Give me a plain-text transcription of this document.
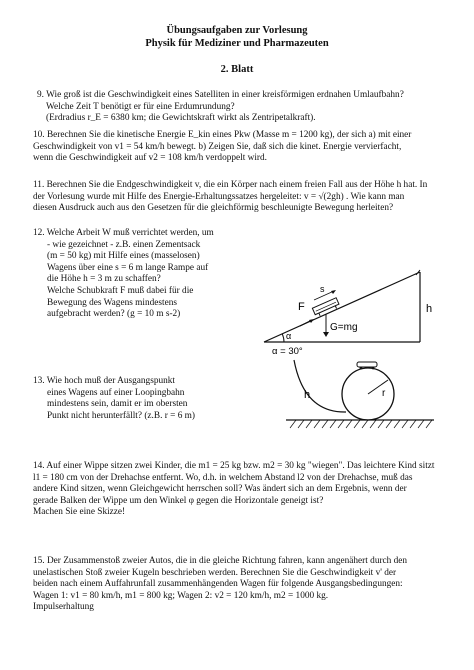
Übungsaufgaben zur Vorlesung
Physik für Mediziner und Pharmazeuten
2. Blatt
9. Wie groß ist die Geschwindigkeit eines Satelliten in einer kreisförmigen erdnahen Umlaufbahn?
Welche Zeit T benötigt er für eine Erdumrundung?
(Erdradius r_E = 6380 km; die Gewichtskraft wirkt als Zentripetalkraft).
10. Berechnen Sie die kinetische Energie E_kin eines Pkw (Masse m = 1200 kg), der sich a) mit einer
Geschwindigkeit von v1 = 54 km/h bewegt. b) Zeigen Sie, daß sich die kinet. Energie vervierfacht,
wenn die Geschwindigkeit auf v2 = 108 km/h verdoppelt wird.
11. Berechnen Sie die Endgeschwindigkeit v, die ein Körper nach einem freien Fall aus der Höhe h hat. In
der Vorlesung wurde mit Hilfe des Energie-Erhaltungssatzes hergeleitet: v = √(2gh) . Wie kann man
diesen Ausdruck auch aus den Gesetzen für die gleichförmig beschleunigte Bewegung herleiten?
12. Welche Arbeit W muß verrichtet werden, um
- wie gezeichnet - z.B. einen Zementsack
(m = 50 kg) mit Hilfe eines (masselosen)
Wagens über eine s = 6 m lange Rampe auf
die Höhe h = 3 m zu schaffen?
Welche Schubkraft F muß dabei für die
Bewegung des Wagens mindestens
aufgebracht werden? (g = 10 m s-2)
F
s
G=mg
h
α
α = 30°
13. Wie hoch muß der Ausgangspunkt
eines Wagens auf einer Loopingbahn
mindestens sein, damit er im obersten
Punkt nicht herunterfällt? (z.B. r = 6 m)
h	r
14. Auf einer Wippe sitzen zwei Kinder, die m1 = 25 kg bzw. m2 = 30 kg "wiegen". Das leichtere Kind sitzt
l1 = 180 cm von der Drehachse entfernt. Wo, d.h. in welchem Abstand l2 von der Drehachse, muß das
andere Kind sitzen, wenn Gleichgewicht herrschen soll? Was ändert sich an dem Ergebnis, wenn der
gerade Balken der Wippe um den Winkel φ gegen die Horizontale geneigt ist?
Machen Sie eine Skizze!
15. Der Zusammenstoß zweier Autos, die in die gleiche Richtung fahren, kann angenähert durch den
unelastischen Stoß zweier Kugeln beschrieben werden. Berechnen Sie die Geschwindigkeit v' der
beiden nach einem Auffahrunfall zusammenhängenden Wagen für folgende Ausgangsbedingungen:
Wagen 1: v1 = 80 km/h, m1 = 800 kg; Wagen 2: v2 = 120 km/h, m2 = 1000 kg.
Impulserhaltung
